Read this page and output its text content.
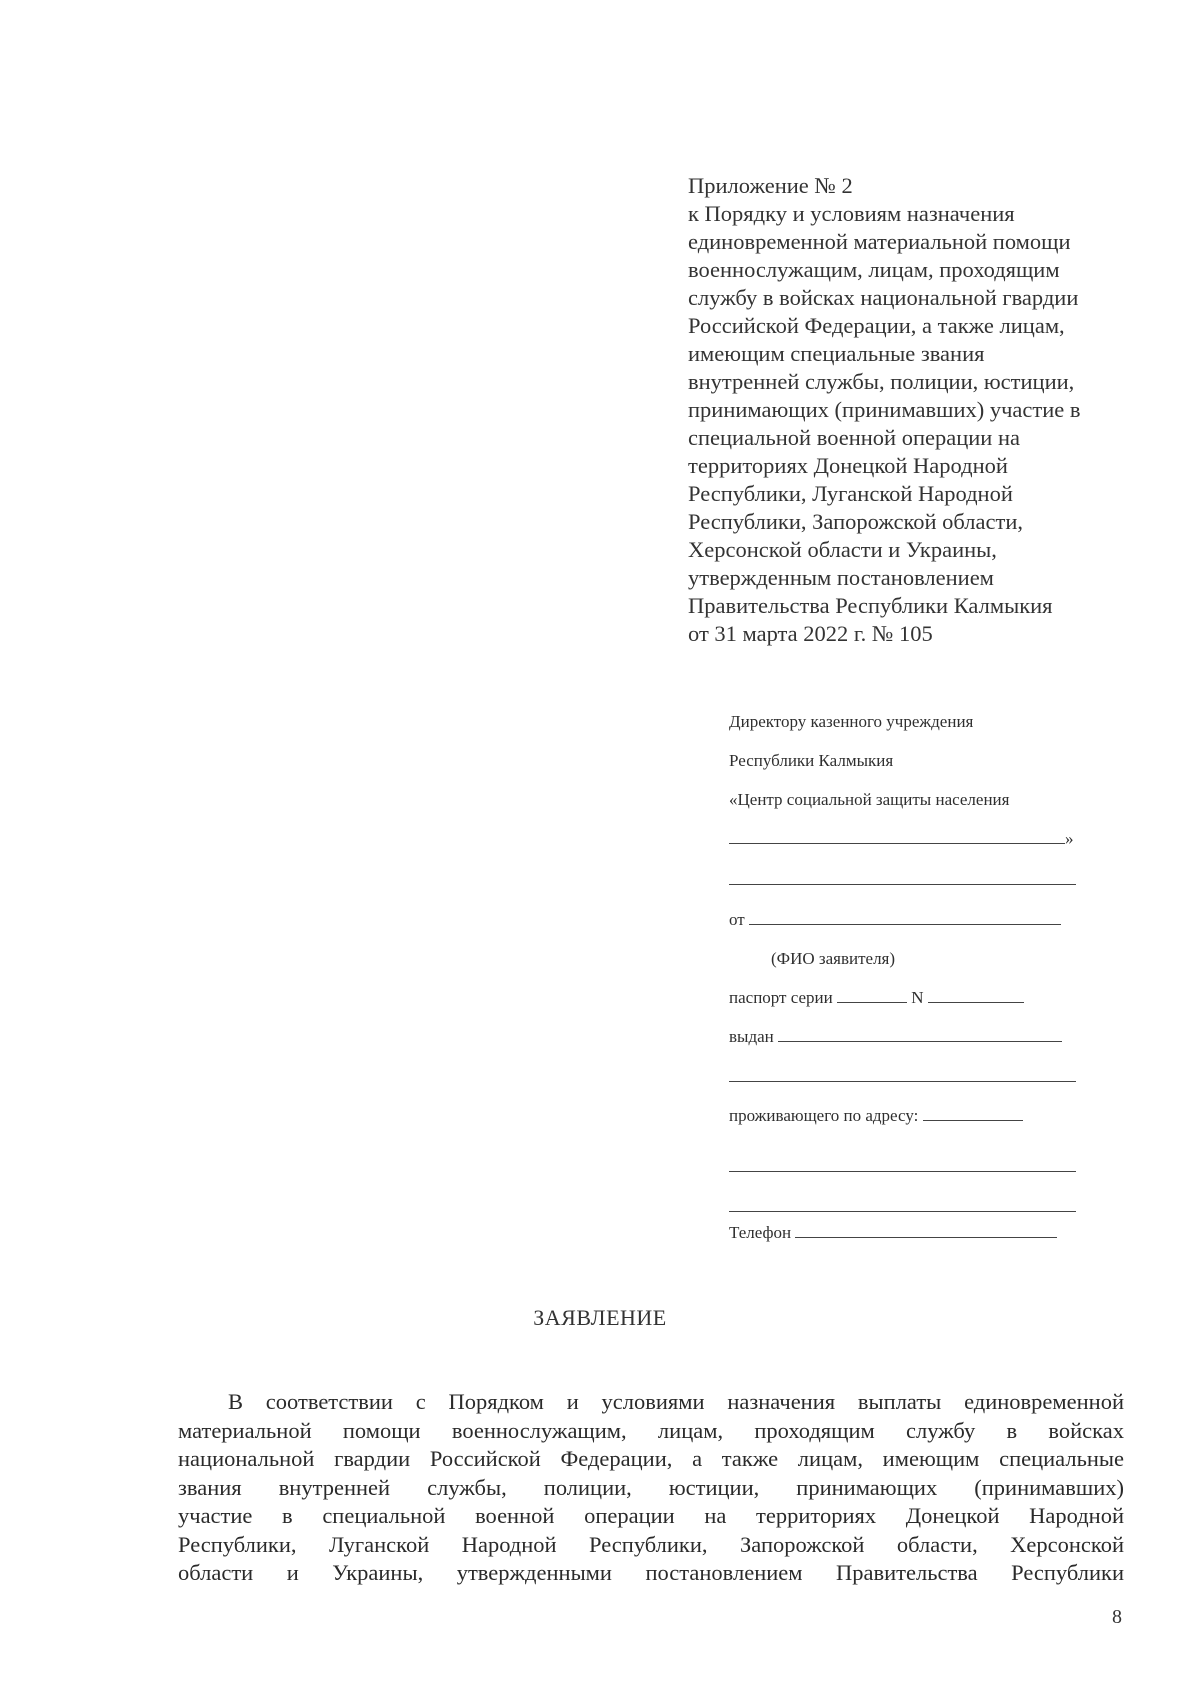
Приложение № 2
к Порядку и условиям назначения
единовременной материальной помощи
военнослужащим, лицам, проходящим
службу в войсках национальной гвардии
Российской Федерации, а также лицам,
имеющим специальные звания
внутренней службы, полиции, юстиции,
принимающих (принимавших) участие в
специальной военной операции на
территориях Донецкой Народной
Республики, Луганской Народной
Республики, Запорожской области,
Херсонской области и Украины,
утвержденным постановлением
Правительства Республики Калмыкия
от 31 марта 2022 г. № 105
Директору казенного учреждения
Республики Калмыкия
«Центр социальной защиты населения
»
от
(ФИО заявителя)
паспорт серии	N
выдан
проживающего по адресу:
Телефон
ЗАЯВЛЕНИЕ
В соответствии с Порядком и условиями назначения выплаты единовременной
материальной помощи военнослужащим, лицам, проходящим службу в войсках
национальной гвардии Российской Федерации, а также лицам, имеющим специальные
звания внутренней службы, полиции, юстиции, принимающих (принимавших)
участие в специальной военной операции на территориях Донецкой Народной
Республики, Луганской Народной Республики, Запорожской области, Херсонской
области и Украины, утвержденными постановлением Правительства Республики
8
